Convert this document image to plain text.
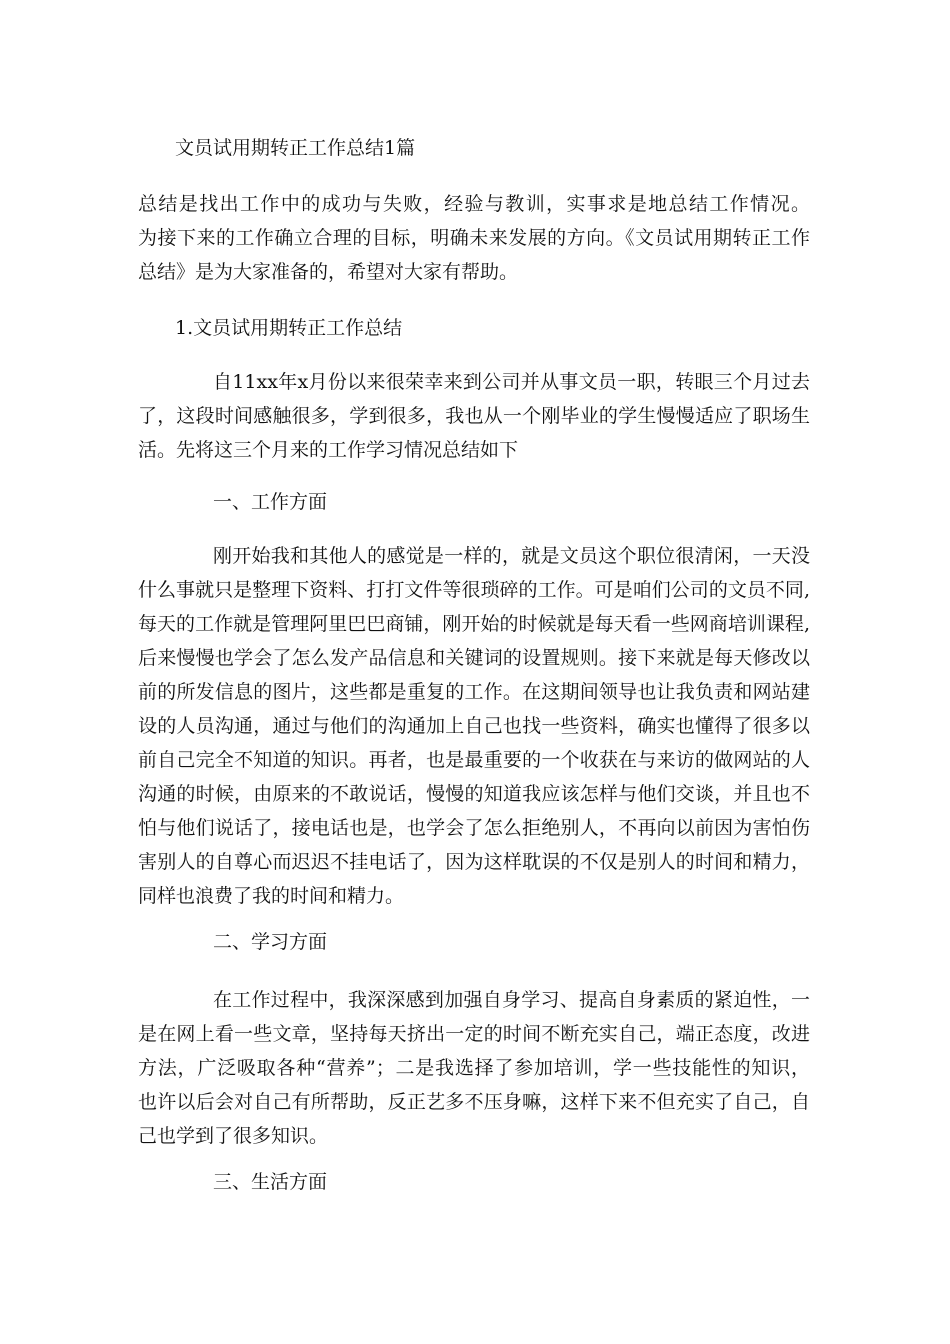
文员试用期转正工作总结1篇

总结是找出工作中的成功与失败，经验与教训，实事求是地总结工作情况。

为接下来的工作确立合理的目标，明确未来发展的方向。《文员试用期转正工作

总结》是为大家准备的，希望对大家有帮助。

1.文员试用期转正工作总结

自11xx年x月份以来很荣幸来到公司并从事文员一职，转眼三个月过去

了，这段时间感触很多，学到很多，我也从一个刚毕业的学生慢慢适应了职场生

活。先将这三个月来的工作学习情况总结如下

一、工作方面

刚开始我和其他人的感觉是一样的，就是文员这个职位很清闲，一天没

什么事就只是整理下资料、打打文件等很琐碎的工作。可是咱们公司的文员不同,

每天的工作就是管理阿里巴巴商铺，刚开始的时候就是每天看一些网商培训课程,

后来慢慢也学会了怎么发产品信息和关键词的设置规则。接下来就是每天修改以

前的所发信息的图片，这些都是重复的工作。在这期间领导也让我负责和网站建

设的人员沟通，通过与他们的沟通加上自己也找一些资料，确实也懂得了很多以

前自己完全不知道的知识。再者，也是最重要的一个收获在与来访的做网站的人

沟通的时候，由原来的不敢说话，慢慢的知道我应该怎样与他们交谈，并且也不

怕与他们说话了，接电话也是，也学会了怎么拒绝别人，不再向以前因为害怕伤

害别人的自尊心而迟迟不挂电话了，因为这样耽误的不仅是别人的时间和精力，

同样也浪费了我的时间和精力。

二、学习方面

在工作过程中，我深深感到加强自身学习、提高自身素质的紧迫性，一

是在网上看一些文章，坚持每天挤出一定的时间不断充实自己，端正态度，改进

方法，广泛吸取各种“营养”；二是我选择了参加培训，学一些技能性的知识，

也许以后会对自己有所帮助，反正艺多不压身嘛，这样下来不但充实了自己，自

己也学到了很多知识。

三、生活方面
